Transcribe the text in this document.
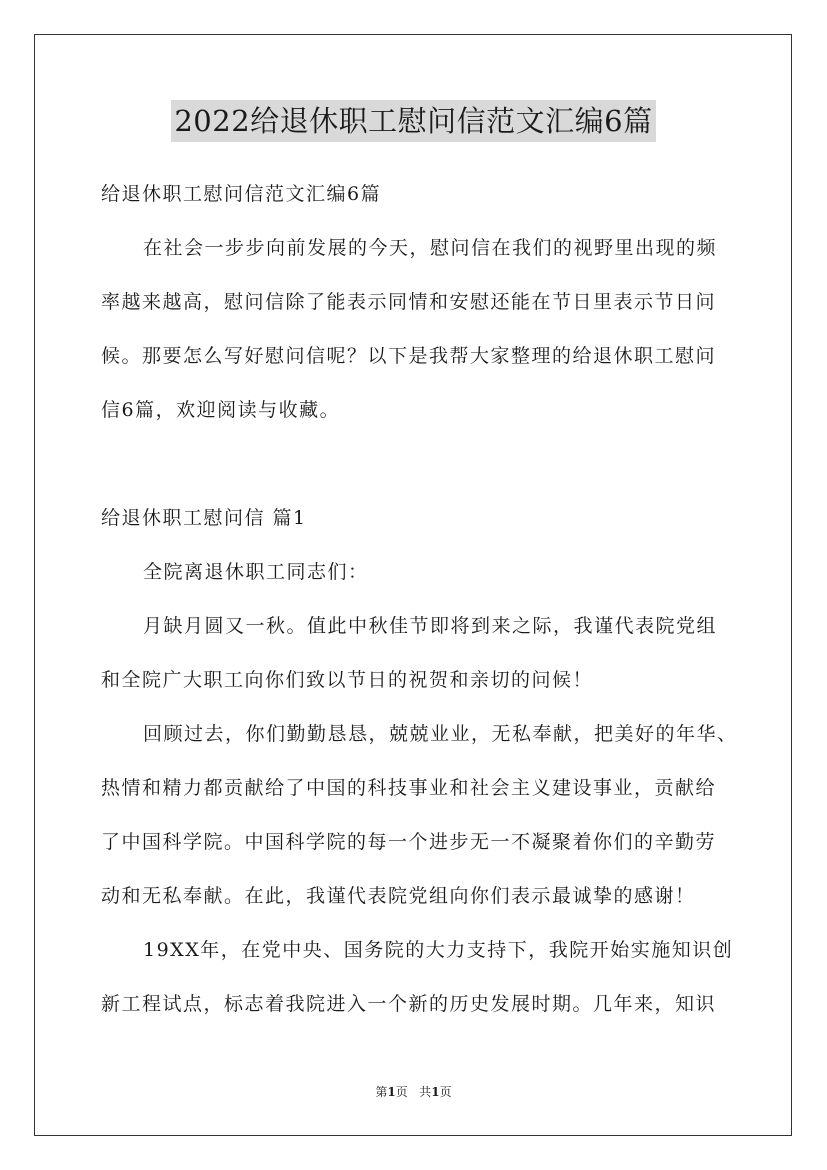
2022给退休职工慰问信范文汇编6篇
给退休职工慰问信范文汇编6篇
在社会一步步向前发展的今天，慰问信在我们的视野里出现的频
率越来越高，慰问信除了能表示同情和安慰还能在节日里表示节日问
候。那要怎么写好慰问信呢？以下是我帮大家整理的给退休职工慰问
信6篇，欢迎阅读与收藏。
给退休职工慰问信 篇1
全院离退休职工同志们：
月缺月圆又一秋。值此中秋佳节即将到来之际，我谨代表院党组
和全院广大职工向你们致以节日的祝贺和亲切的问候！
回顾过去，你们勤勤恳恳，兢兢业业，无私奉献，把美好的年华、
热情和精力都贡献给了中国的科技事业和社会主义建设事业，贡献给
了中国科学院。中国科学院的每一个进步无一不凝聚着你们的辛勤劳
动和无私奉献。在此，我谨代表院党组向你们表示最诚挚的感谢！
19XX年，在党中央、国务院的大力支持下，我院开始实施知识创
新工程试点，标志着我院进入一个新的历史发展时期。几年来，知识
第1页 共1页
